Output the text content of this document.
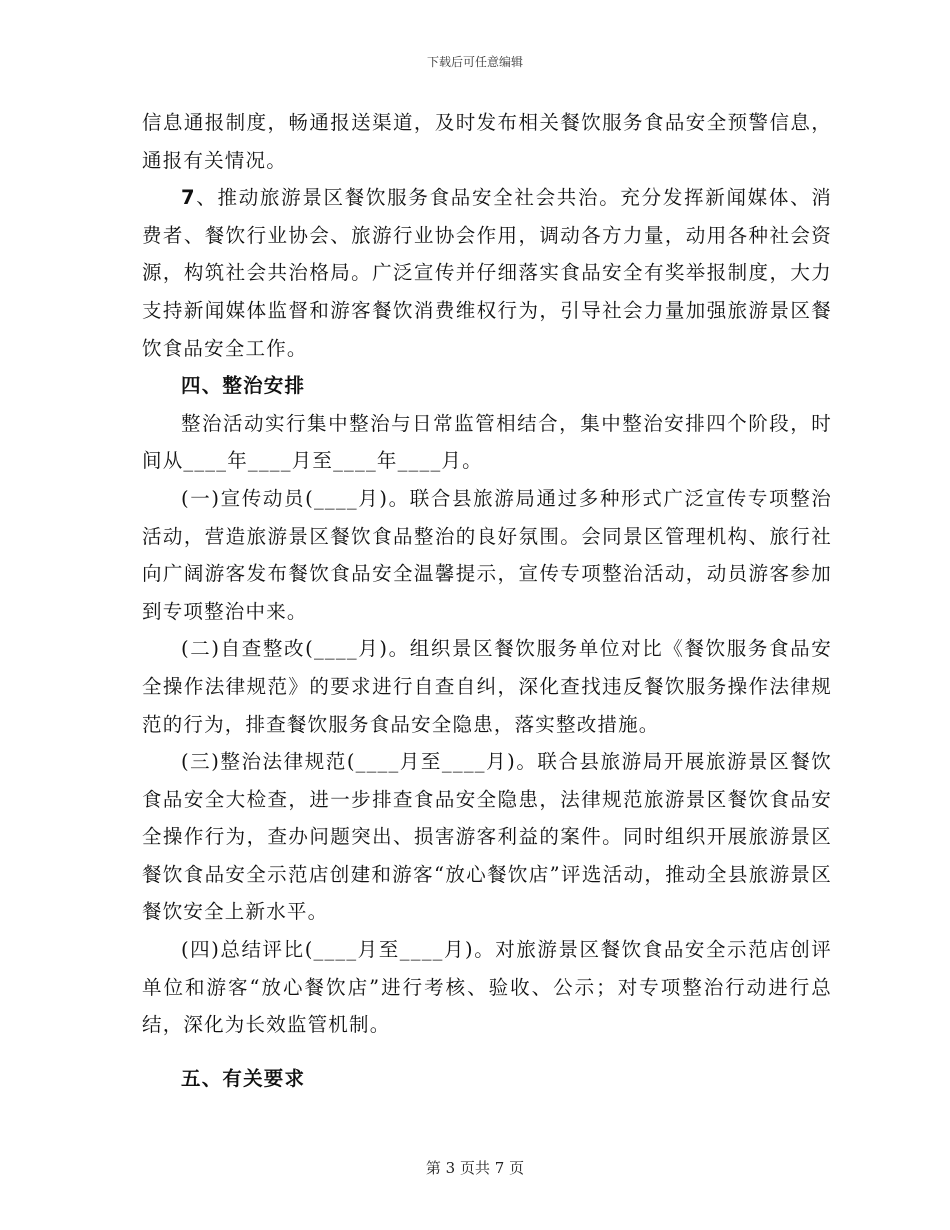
下载后可任意编辑

信息通报制度，畅通报送渠道，及时发布相关餐饮服务食品安全预警信息，通报有关情况。

7、推动旅游景区餐饮服务食品安全社会共治。充分发挥新闻媒体、消费者、餐饮行业协会、旅游行业协会作用，调动各方力量，动用各种社会资源，构筑社会共治格局。广泛宣传并仔细落实食品安全有奖举报制度，大力支持新闻媒体监督和游客餐饮消费维权行为，引导社会力量加强旅游景区餐饮食品安全工作。

四、整治安排

整治活动实行集中整治与日常监管相结合，集中整治安排四个阶段，时间从____年____月至____年____月。

(一)宣传动员(____月)。联合县旅游局通过多种形式广泛宣传专项整治活动，营造旅游景区餐饮食品整治的良好氛围。会同景区管理机构、旅行社向广阔游客发布餐饮食品安全温馨提示，宣传专项整治活动，动员游客参加到专项整治中来。

(二)自查整改(____月)。组织景区餐饮服务单位对比《餐饮服务食品安全操作法律规范》的要求进行自查自纠，深化查找违反餐饮服务操作法律规范的行为，排查餐饮服务食品安全隐患，落实整改措施。

(三)整治法律规范(____月至____月)。联合县旅游局开展旅游景区餐饮食品安全大检查，进一步排查食品安全隐患，法律规范旅游景区餐饮食品安全操作行为，查办问题突出、损害游客利益的案件。同时组织开展旅游景区餐饮食品安全示范店创建和游客“放心餐饮店”评选活动，推动全县旅游景区餐饮安全上新水平。

(四)总结评比(____月至____月)。对旅游景区餐饮食品安全示范店创评单位和游客“放心餐饮店”进行考核、验收、公示；对专项整治行动进行总结，深化为长效监管机制。

五、有关要求

第 3 页共 7 页
